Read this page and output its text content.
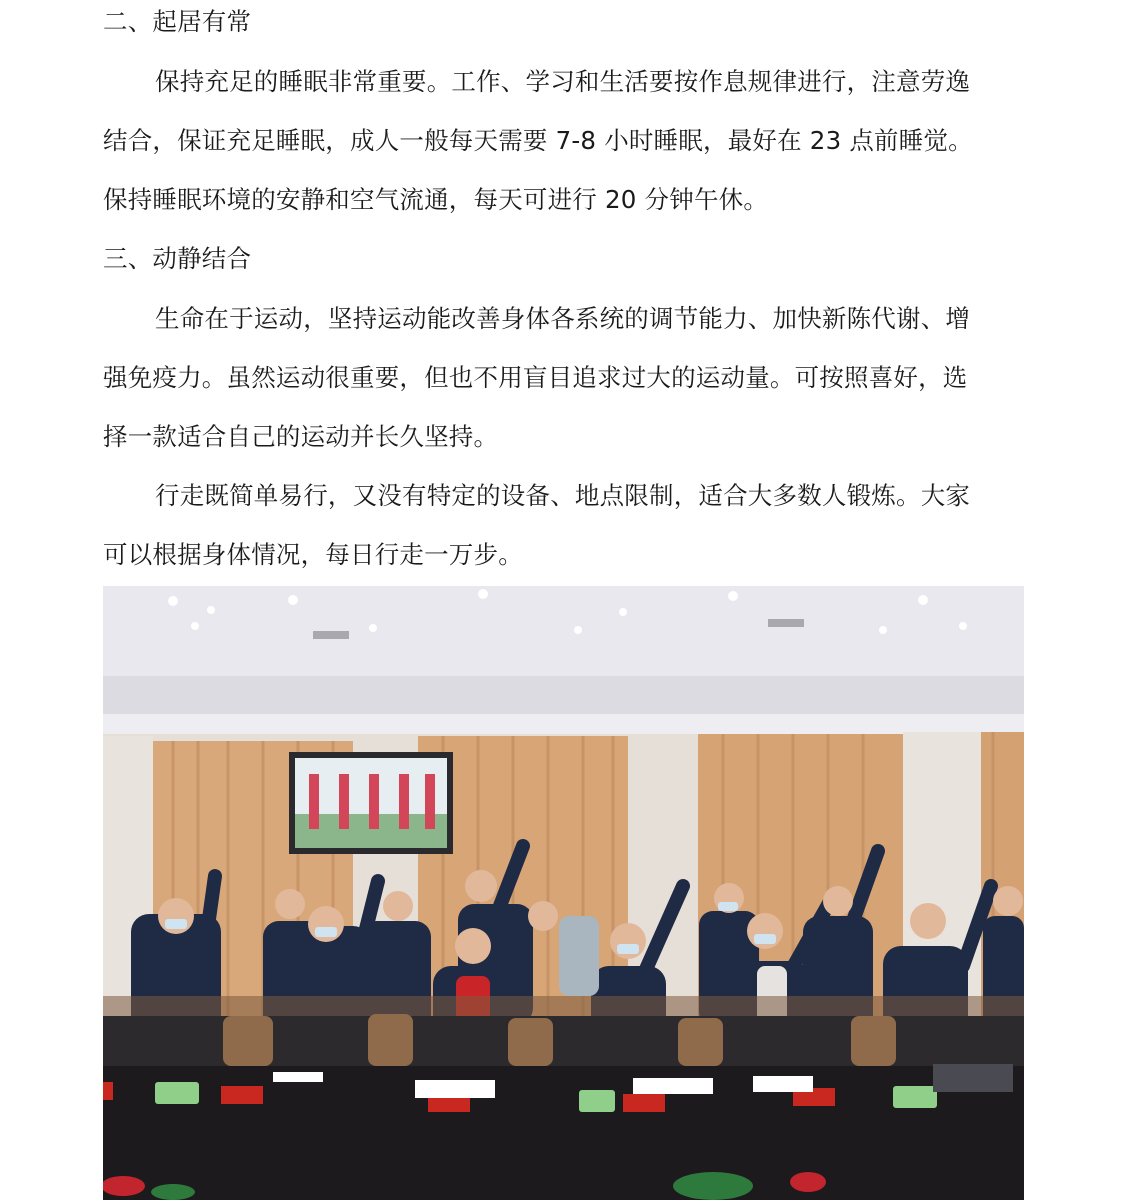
二、起居有常
保持充足的睡眠非常重要。工作、学习和生活要按作息规律进行，注意劳逸
结合，保证充足睡眠，成人一般每天需要 7-8 小时睡眠，最好在 23 点前睡觉。
保持睡眠环境的安静和空气流通，每天可进行 20 分钟午休。
三、动静结合
生命在于运动，坚持运动能改善身体各系统的调节能力、加快新陈代谢、增
强免疫力。虽然运动很重要，但也不用盲目追求过大的运动量。可按照喜好，选
择一款适合自己的运动并长久坚持。
行走既简单易行，又没有特定的设备、地点限制，适合大多数人锻炼。大家
可以根据身体情况，每日行走一万步。
